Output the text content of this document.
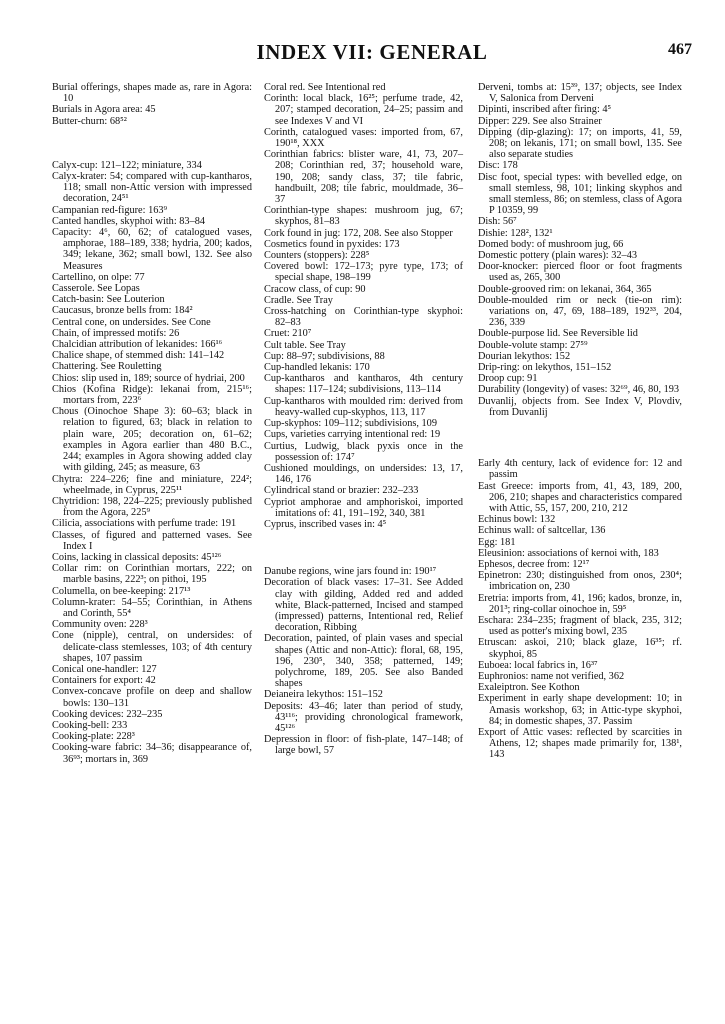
INDEX VII: GENERAL	467

Burial offerings, shapes made as, rare in Agora: 10

Burials in Agora area: 45

Butter-churn: 68⁵²

Calyx-cup: 121–122; miniature, 334

Calyx-krater: 54; compared with cup-kantharos, 118; small non-Attic version with impressed decoration, 24⁵¹

Campanian red-figure: 163⁹

Canted handles, skyphoi with: 83–84

Capacity: 4⁶, 60, 62; of catalogued vases, amphorae, 188–189, 338; hydria, 200; kados, 349; lekane, 362; small bowl, 132. See also Measures

Cartellino, on olpe: 77

Casserole. See Lopas

Catch-basin: See Louterion

Caucasus, bronze bells from: 184²

Central cone, on undersides. See Cone

Chain, of impressed motifs: 26

Chalcidian attribution of lekanides: 166¹⁶

Chalice shape, of stemmed dish: 141–142

Chattering. See Rouletting

Chios: slip used in, 189; source of hydriai, 200

Chios (Kofina Ridge): lekanai from, 215¹⁶; mortars from, 223⁶

Chous (Oinochoe Shape 3): 60–63; black in relation to figured, 63; black in relation to plain ware, 205; decoration on, 61–62; examples in Agora earlier than 480 B.C., 244; examples in Agora showing added clay with gilding, 245; as measure, 63

Chytra: 224–226; fine and miniature, 224²; wheelmade, in Cyprus, 225¹¹

Chytridion: 198, 224–225; previously published from the Agora, 225⁹

Cilicia, associations with perfume trade: 191

Classes, of figured and patterned vases. See Index I

Coins, lacking in classical deposits: 45¹²⁶

Collar rim: on Corinthian mortars, 222; on marble basins, 222³; on pithoi, 195

Columella, on bee-keeping: 217¹³

Column-krater: 54–55; Corinthian, in Athens and Corinth, 55⁴

Community oven: 228³

Cone (nipple), central, on undersides: of delicate-class stemlesses, 103; of 4th century shapes, 107 passim

Conical one-handler: 127

Containers for export: 42

Convex-concave profile on deep and shallow bowls: 130–131

Cooking devices: 232–235

Cooking-bell: 233

Cooking-plate: 228³

Cooking-ware fabric: 34–36; disappearance of, 36⁹³; mortars in, 369

Coral red. See Intentional red

Corinth: local black, 16²⁵; perfume trade, 42, 207; stamped decoration, 24–25; passim and see Indexes V and VI

Corinth, catalogued vases: imported from, 67, 190¹⁸, XXX

Corinthian fabrics: blister ware, 41, 73, 207–208; Corinthian red, 37; household ware, 190, 208; sandy class, 37; tile fabric, handbuilt, 208; tile fabric, mouldmade, 36–37

Corinthian-type shapes: mushroom jug, 67; skyphos, 81–83

Cork found in jug: 172, 208. See also Stopper

Cosmetics found in pyxides: 173

Counters (stoppers): 228⁵

Covered bowl: 172–173; pyre type, 173; of special shape, 198–199

Cracow class, of cup: 90

Cradle. See Tray

Cross-hatching on Corinthian-type skyphoi: 82–83

Cruet: 210⁷

Cult table. See Tray

Cup: 88–97; subdivisions, 88

Cup-handled lekanis: 170

Cup-kantharos and kantharos, 4th century shapes: 117–124; subdivisions, 113–114

Cup-kantharos with moulded rim: derived from heavy-walled cup-skyphos, 113, 117

Cup-skyphos: 109–112; subdivisions, 109

Cups, varieties carrying intentional red: 19

Curtius, Ludwig, black pyxis once in the possession of: 174⁷

Cushioned mouldings, on undersides: 13, 17, 146, 176

Cylindrical stand or brazier: 232–233

Cypriot amphorae and amphoriskoi, imported imitations of: 41, 191–192, 340, 381

Cyprus, inscribed vases in: 4⁵

Danube regions, wine jars found in: 190¹⁷

Decoration of black vases: 17–31. See Added clay with gilding, Added red and added white, Black-patterned, Incised and stamped (impressed) patterns, Intentional red, Relief decoration, Ribbing

Decoration, painted, of plain vases and special shapes (Attic and non-Attic): floral, 68, 195, 196, 230⁵, 340, 358; patterned, 149; polychrome, 189, 205. See also Banded shapes

Deianeira lekythos: 151–152

Deposits: 43–46; later than period of study, 43¹¹⁶; providing chronological framework, 45¹²⁶

Depression in floor: of fish-plate, 147–148; of large bowl, 57

Derveni, tombs at: 15³⁹, 137; objects, see Index V, Salonica from Derveni

Dipinti, inscribed after firing: 4⁵

Dipper: 229. See also Strainer

Dipping (dip-glazing): 17; on imports, 41, 59, 208; on lekanis, 171; on small bowl, 135. See also separate studies

Disc: 178

Disc foot, special types: with bevelled edge, on small stemless, 98, 101; linking skyphos and small stemless, 86; on stemless, class of Agora P 10359, 99

Dish: 56⁷

Dishie: 128², 132¹

Domed body: of mushroom jug, 66

Domestic pottery (plain wares): 32–43

Door-knocker: pierced floor or foot fragments used as, 265, 300

Double-grooved rim: on lekanai, 364, 365

Double-moulded rim or neck (tie-on rim): variations on, 47, 69, 188–189, 192³³, 204, 236, 339

Double-purpose lid. See Reversible lid

Double-volute stamp: 27⁵⁹

Dourian lekythos: 152

Drip-ring: on lekythos, 151–152

Droop cup: 91

Durability (longevity) of vases: 32⁶⁹, 46, 80, 193

Duvanlij, objects from. See Index V, Plovdiv, from Duvanlij

Early 4th century, lack of evidence for: 12 and passim

East Greece: imports from, 41, 43, 189, 200, 206, 210; shapes and characteristics compared with Attic, 55, 157, 200, 210, 212

Echinus bowl: 132

Echinus wall: of saltcellar, 136

Egg: 181

Eleusinion: associations of kernoi with, 183

Ephesos, decree from: 12¹⁷

Epinetron: 230; distinguished from onos, 230⁴; imbrication on, 230

Eretria: imports from, 41, 196; kados, bronze, in, 201³; ring-collar oinochoe in, 59⁵

Eschara: 234–235; fragment of black, 235, 312; used as potter's mixing bowl, 235

Etruscan: askoi, 210; black glaze, 16³⁵; rf. skyphoi, 85

Euboea: local fabrics in, 16³⁷

Euphronios: name not verified, 362

Exaleiptron. See Kothon

Experiment in early shape development: 10; in Amasis workshop, 63; in Attic-type skyphoi, 84; in domestic shapes, 37. Passim

Export of Attic vases: reflected by scarcities in Athens, 12; shapes made primarily for, 138¹, 143
